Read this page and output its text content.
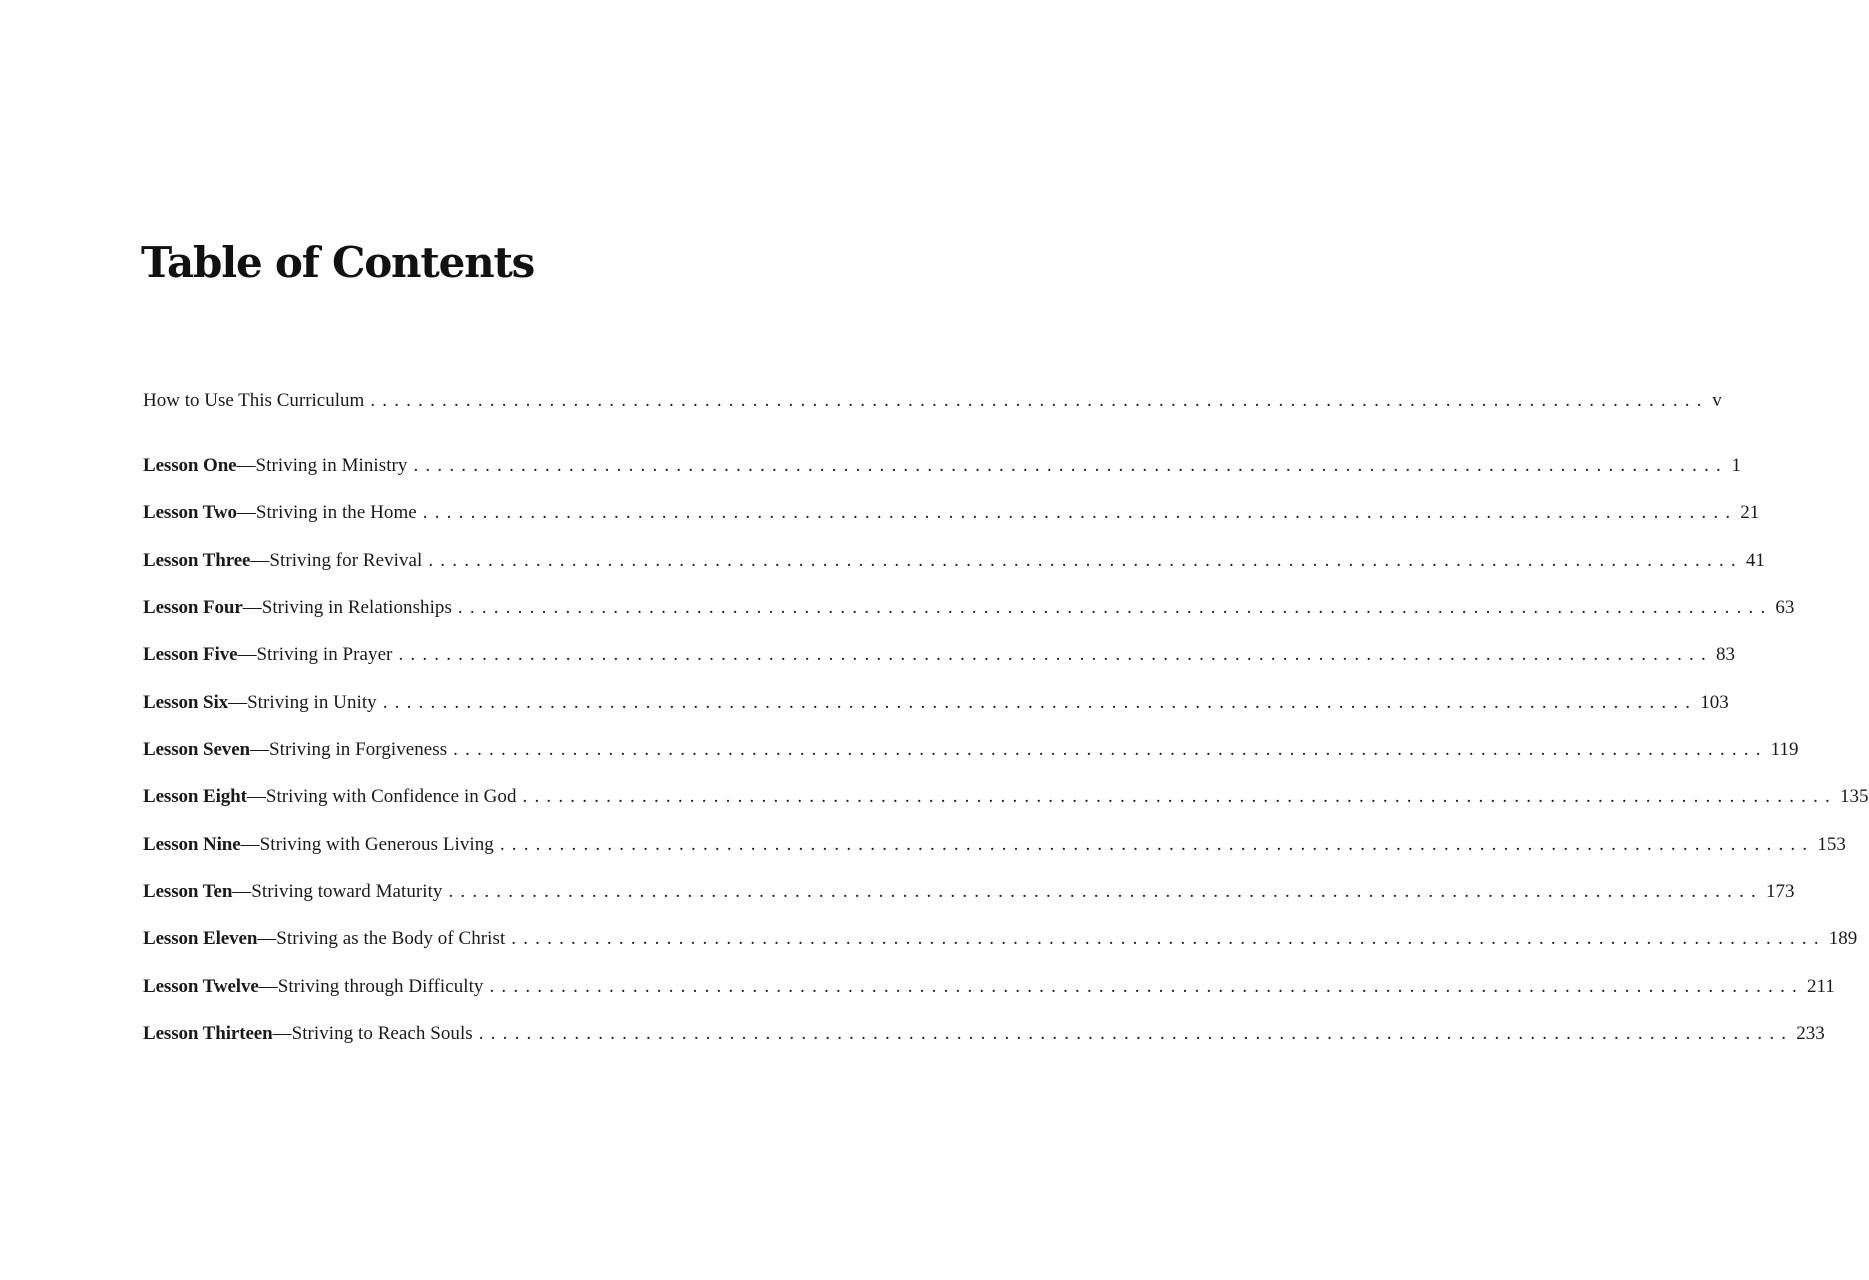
Table of Contents
How to Use This Curriculum ................................................................................................................ v
Lesson One — Striving in Ministry .............................................................................................................. 1
Lesson Two — Striving in the Home .............................................................................................................. 21
Lesson Three — Striving for Revival .............................................................................................................. 41
Lesson Four — Striving in Relationships .............................................................................................................. 63
Lesson Five — Striving in Prayer .............................................................................................................. 83
Lesson Six — Striving in Unity .............................................................................................................. 103
Lesson Seven — Striving in Forgiveness .............................................................................................................. 119
Lesson Eight — Striving with Confidence in God .............................................................................................................. 135
Lesson Nine — Striving with Generous Living .............................................................................................................. 153
Lesson Ten — Striving toward Maturity .............................................................................................................. 173
Lesson Eleven — Striving as the Body of Christ .............................................................................................................. 189
Lesson Twelve — Striving through Difficulty .............................................................................................................. 211
Lesson Thirteen — Striving to Reach Souls .............................................................................................................. 233
